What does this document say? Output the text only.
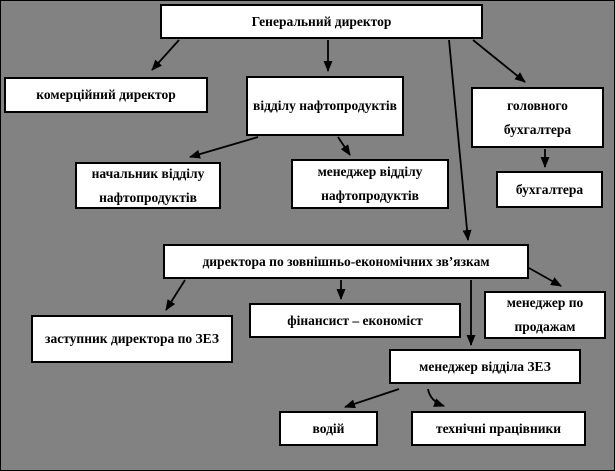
Генеральний директор
комерційний директор
відділу нафтопродуктів	головного бухгалтера
начальник відділу нафтопродуктів
менеджер відділу нафтопродуктів	бухгалтера
директора по зовнішньо-економічних зв’язкам
заступник директора по ЗЕЗ
фінансист – економіст
менеджер по продажам
менеджер відділа ЗЕЗ
водій	технічні працівники
